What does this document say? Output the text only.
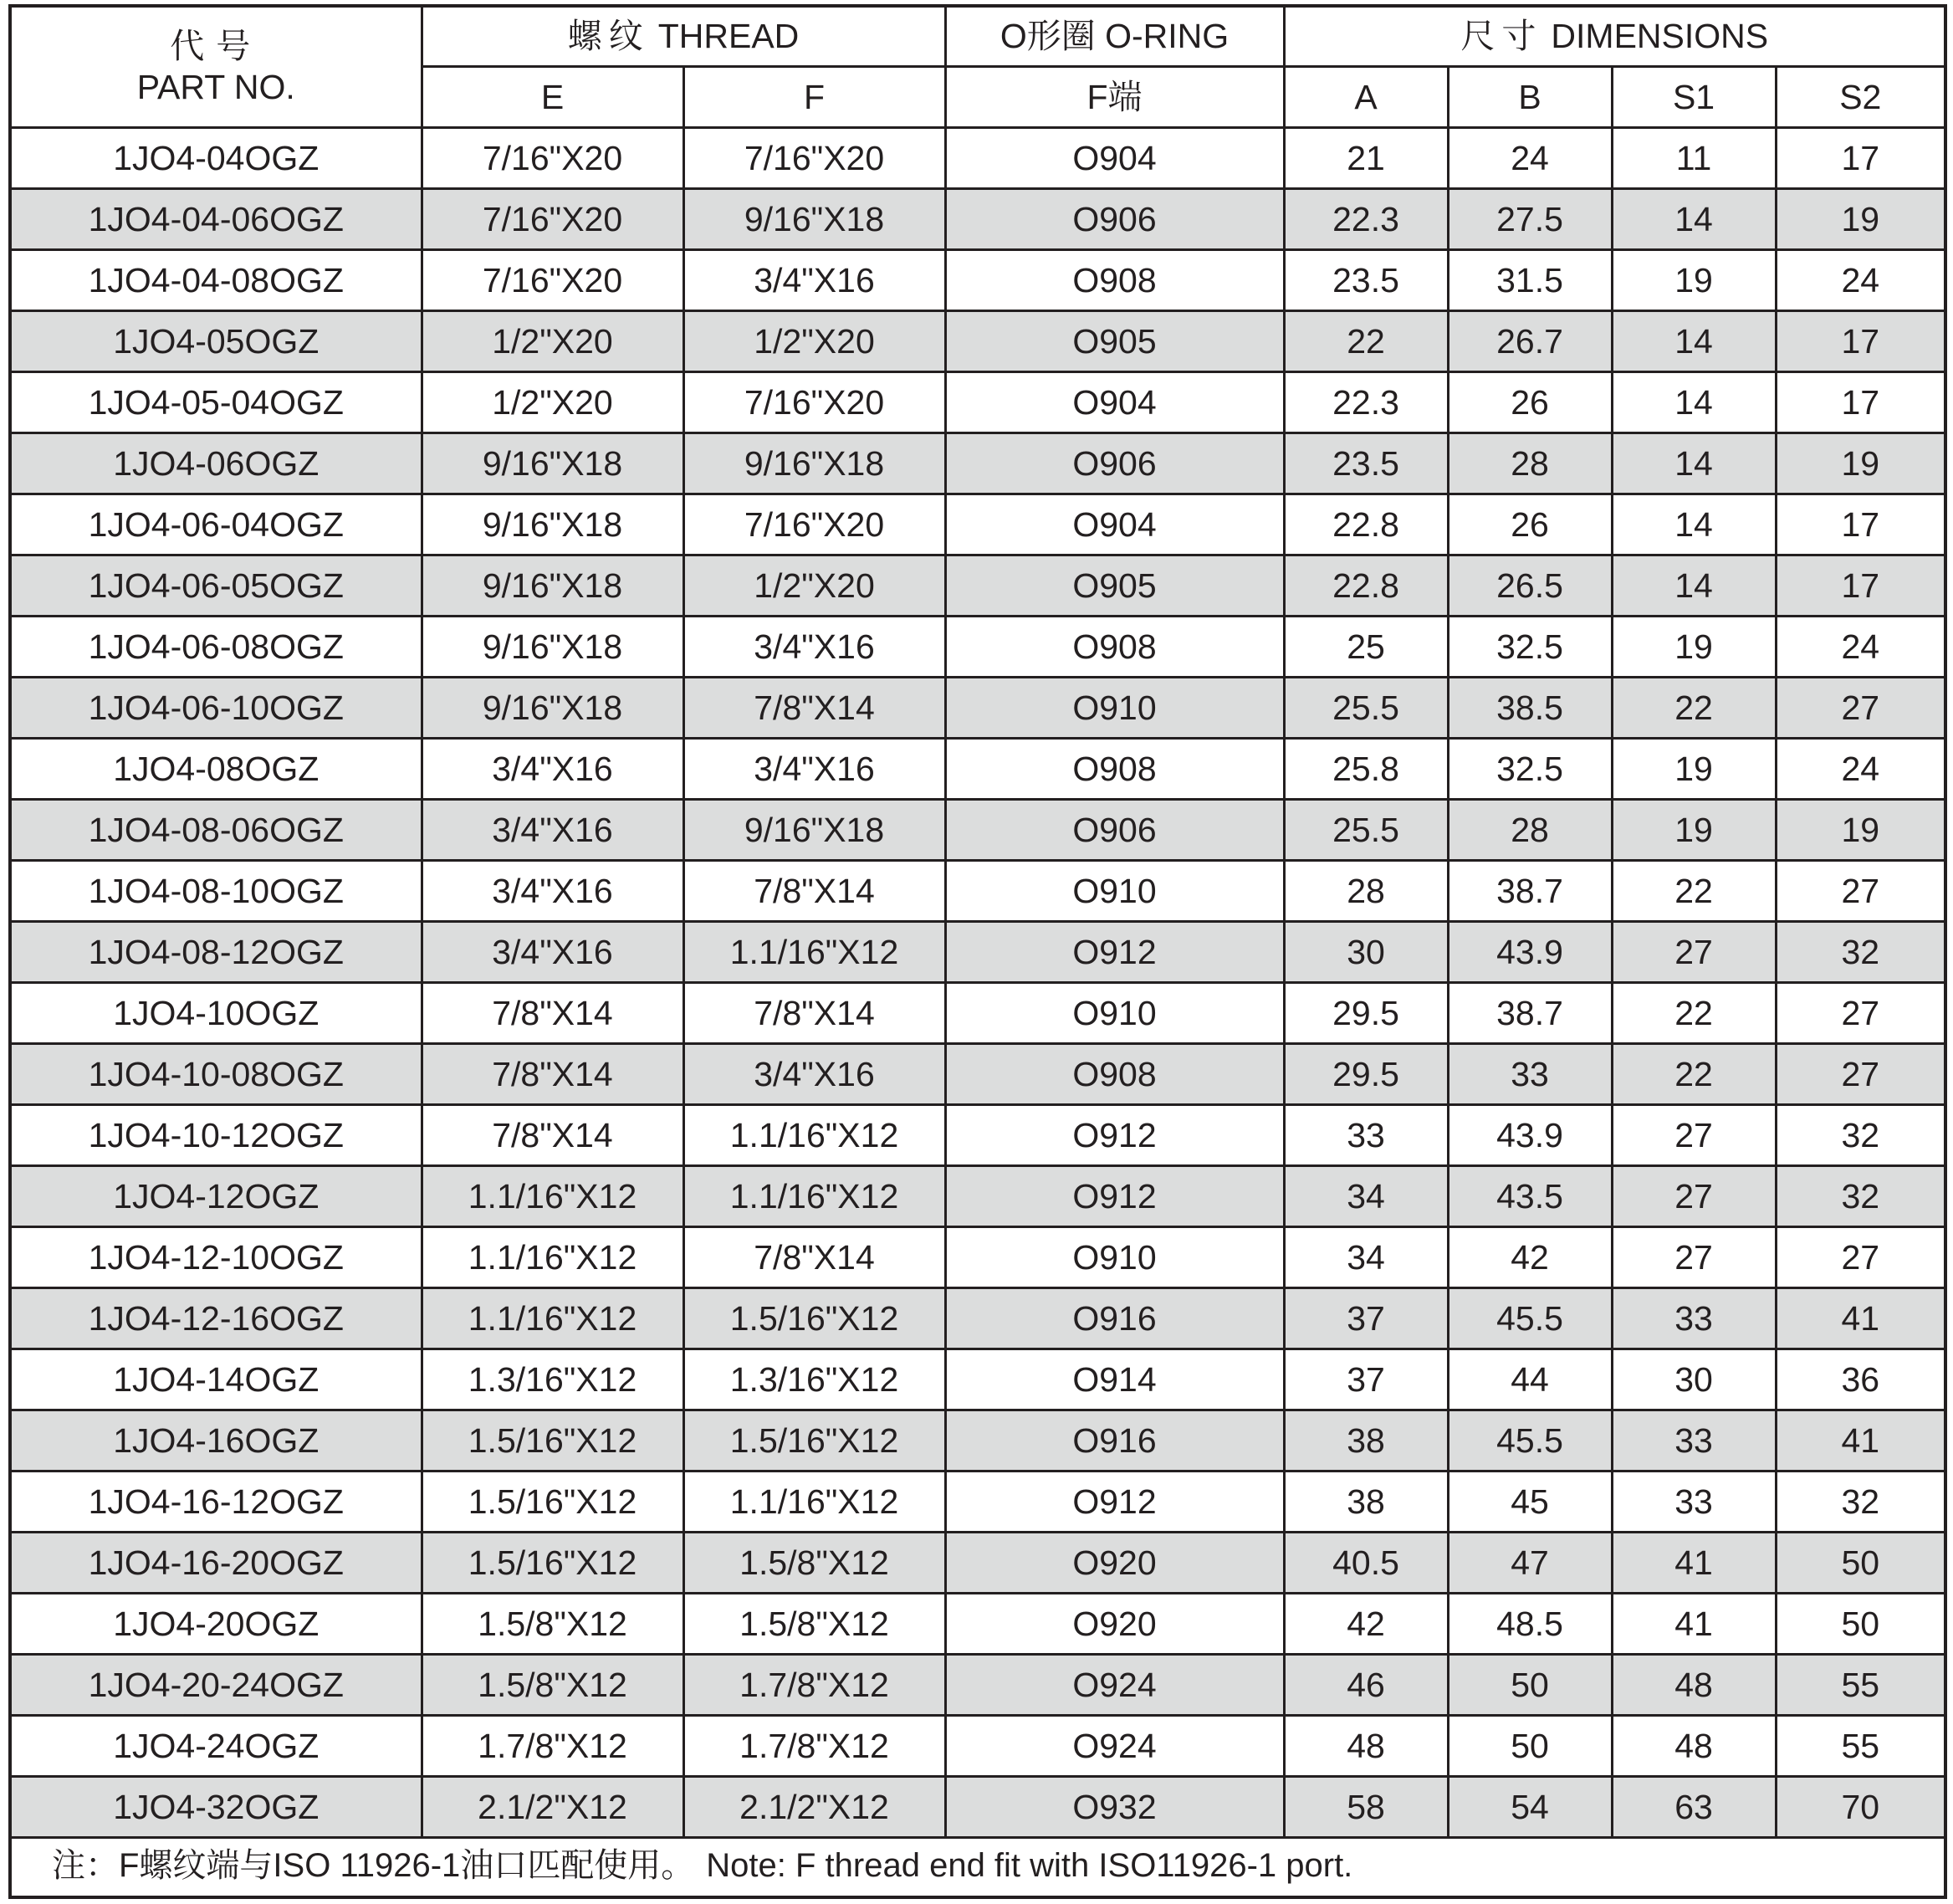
代号
PART NO.	螺纹 THREAD		O形圈 O-RING	尺寸 DIMENSIONS			
	E	F	F端	A	B	S1	S2
1JO4-04OGZ	7/16"X20	7/16"X20	O904	21	24	11	17
1JO4-04-06OGZ	7/16"X20	9/16"X18	O906	22.3	27.5	14	19
1JO4-04-08OGZ	7/16"X20	3/4"X16	O908	23.5	31.5	19	24
1JO4-05OGZ	1/2"X20	1/2"X20	O905	22	26.7	14	17
1JO4-05-04OGZ	1/2"X20	7/16"X20	O904	22.3	26	14	17
1JO4-06OGZ	9/16"X18	9/16"X18	O906	23.5	28	14	19
1JO4-06-04OGZ	9/16"X18	7/16"X20	O904	22.8	26	14	17
1JO4-06-05OGZ	9/16"X18	1/2"X20	O905	22.8	26.5	14	17
1JO4-06-08OGZ	9/16"X18	3/4"X16	O908	25	32.5	19	24
1JO4-06-10OGZ	9/16"X18	7/8"X14	O910	25.5	38.5	22	27
1JO4-08OGZ	3/4"X16	3/4"X16	O908	25.8	32.5	19	24
1JO4-08-06OGZ	3/4"X16	9/16"X18	O906	25.5	28	19	19
1JO4-08-10OGZ	3/4"X16	7/8"X14	O910	28	38.7	22	27
1JO4-08-12OGZ	3/4"X16	1.1/16"X12	O912	30	43.9	27	32
1JO4-10OGZ	7/8"X14	7/8"X14	O910	29.5	38.7	22	27
1JO4-10-08OGZ	7/8"X14	3/4"X16	O908	29.5	33	22	27
1JO4-10-12OGZ	7/8"X14	1.1/16"X12	O912	33	43.9	27	32
1JO4-12OGZ	1.1/16"X12	1.1/16"X12	O912	34	43.5	27	32
1JO4-12-10OGZ	1.1/16"X12	7/8"X14	O910	34	42	27	27
1JO4-12-16OGZ	1.1/16"X12	1.5/16"X12	O916	37	45.5	33	41
1JO4-14OGZ	1.3/16"X12	1.3/16"X12	O914	37	44	30	36
1JO4-16OGZ	1.5/16"X12	1.5/16"X12	O916	38	45.5	33	41
1JO4-16-12OGZ	1.5/16"X12	1.1/16"X12	O912	38	45	33	32
1JO4-16-20OGZ	1.5/16"X12	1.5/8"X12	O920	40.5	47	41	50
1JO4-20OGZ	1.5/8"X12	1.5/8"X12	O920	42	48.5	41	50
1JO4-20-24OGZ	1.5/8"X12	1.7/8"X12	O924	46	50	48	55
1JO4-24OGZ	1.7/8"X12	1.7/8"X12	O924	48	50	48	55
1JO4-32OGZ	2.1/2"X12	2.1/2"X12	O932	58	54	63	70
注：F螺纹端与ISO 11926-1油口匹配使用。 Note: F thread end fit with ISO11926-1 port.
